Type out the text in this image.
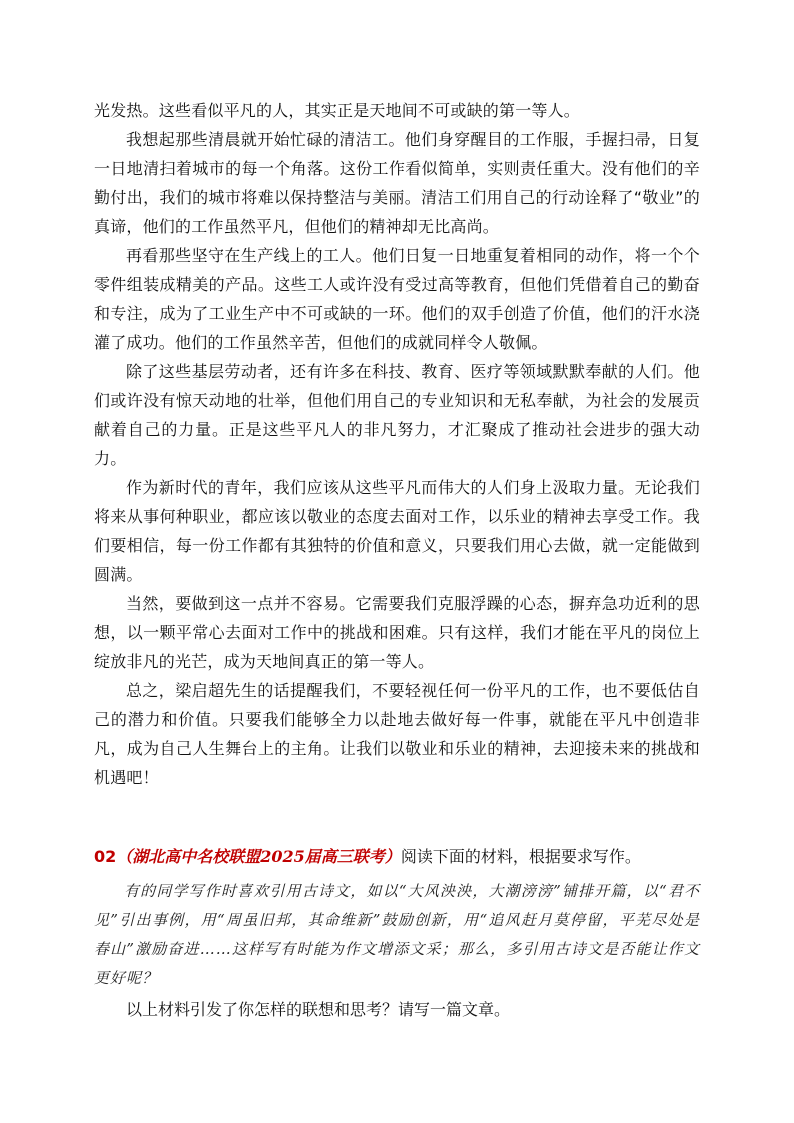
光发热。这些看似平凡的人，其实正是天地间不可或缺的第一等人。

我想起那些清晨就开始忙碌的清洁工。他们身穿醒目的工作服，手握扫帚，日复一日地清扫着城市的每一个角落。这份工作看似简单，实则责任重大。没有他们的辛勤付出，我们的城市将难以保持整洁与美丽。清洁工们用自己的行动诠释了“敬业”的真谛，他们的工作虽然平凡，但他们的精神却无比高尚。

再看那些坚守在生产线上的工人。他们日复一日地重复着相同的动作，将一个个零件组装成精美的产品。这些工人或许没有受过高等教育，但他们凭借着自己的勤奋和专注，成为了工业生产中不可或缺的一环。他们的双手创造了价值，他们的汗水浇灌了成功。他们的工作虽然辛苦，但他们的成就同样令人敬佩。

除了这些基层劳动者，还有许多在科技、教育、医疗等领域默默奉献的人们。他们或许没有惊天动地的壮举，但他们用自己的专业知识和无私奉献，为社会的发展贡献着自己的力量。正是这些平凡人的非凡努力，才汇聚成了推动社会进步的强大动力。

作为新时代的青年，我们应该从这些平凡而伟大的人们身上汲取力量。无论我们将来从事何种职业，都应该以敬业的态度去面对工作，以乐业的精神去享受工作。我们要相信，每一份工作都有其独特的价值和意义，只要我们用心去做，就一定能做到圆满。

当然，要做到这一点并不容易。它需要我们克服浮躁的心态，摒弃急功近利的思想，以一颗平常心去面对工作中的挑战和困难。只有这样，我们才能在平凡的岗位上绽放非凡的光芒，成为天地间真正的第一等人。

总之，梁启超先生的话提醒我们，不要轻视任何一份平凡的工作，也不要低估自己的潜力和价值。只要我们能够全力以赴地去做好每一件事，就能在平凡中创造非凡，成为自己人生舞台上的主角。让我们以敬业和乐业的精神，去迎接未来的挑战和机遇吧！

02（湖北高中名校联盟2025届高三联考）阅读下面的材料，根据要求写作。

有的同学写作时喜欢引用古诗文，如以“大风泱泱，大潮滂滂”铺排开篇，以“君不见”引出事例，用“周虽旧邦，其命维新”鼓励创新，用“追风赶月莫停留，平芜尽处是春山”激励奋进……这样写有时能为作文增添文采；那么，多引用古诗文是否能让作文更好呢？

以上材料引发了你怎样的联想和思考？请写一篇文章。
